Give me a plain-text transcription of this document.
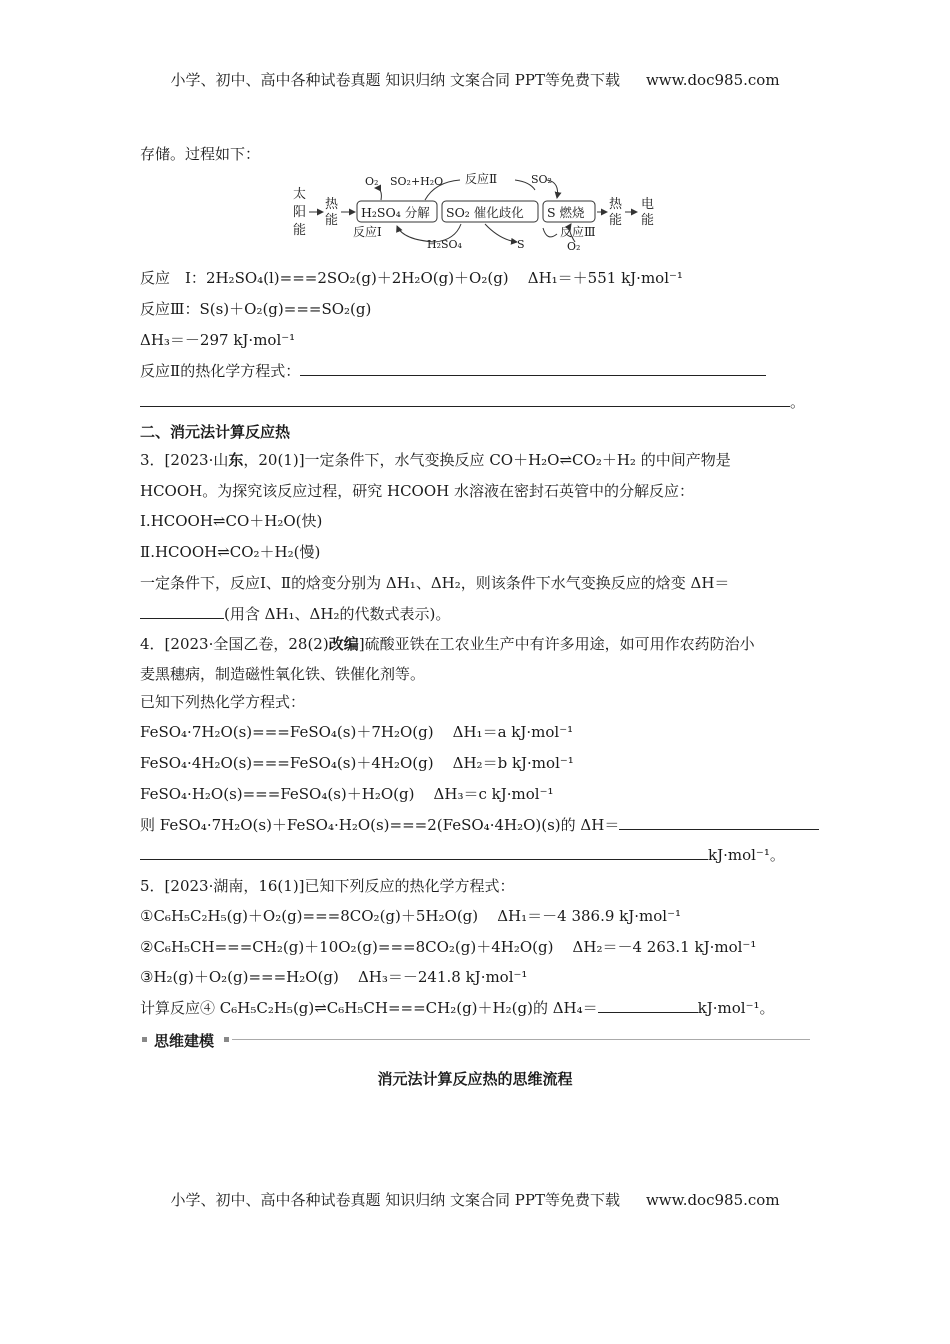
小学、初中、高中各种试卷真题 知识归纳 文案合同 PPT等免费下载 www.doc985.com
存储。过程如下：
太
阳
能
热
能
H₂SO₄ 分解 SO₂ 催化歧化 S 燃烧
热
能
电
能
O₂ SO₂+H₂O 反应Ⅱ	SO₂
反应Ⅰ
H₂SO₄	S
反应Ⅲ
O₂
反应　Ⅰ：2H₂SO₄(l)===2SO₂(g)＋2H₂O(g)＋O₂(g) ΔH₁＝＋551 kJ·mol⁻¹
反应Ⅲ：S(s)＋O₂(g)===SO₂(g)
ΔH₃＝－297 kJ·mol⁻¹
反应Ⅱ的热化学方程式：
。
二、消元法计算反应热
3．[2023·山东，20(1)]一定条件下，水气变换反应 CO＋H₂O⇌CO₂＋H₂ 的中间产物是
HCOOH。为探究该反应过程，研究 HCOOH 水溶液在密封石英管中的分解反应：
Ⅰ.HCOOH⇌CO＋H₂O(快)
Ⅱ.HCOOH⇌CO₂＋H₂(慢)
一定条件下，反应Ⅰ、Ⅱ的焓变分别为 ΔH₁、ΔH₂，则该条件下水气变换反应的焓变 ΔH＝
(用含 ΔH₁、ΔH₂的代数式表示)。
4．[2023·全国乙卷，28(2)改编]硫酸亚铁在工农业生产中有许多用途，如可用作农药防治小
麦黑穗病，制造磁性氧化铁、铁催化剂等。
已知下列热化学方程式：
FeSO₄·7H₂O(s)===FeSO₄(s)＋7H₂O(g) ΔH₁＝a kJ·mol⁻¹
FeSO₄·4H₂O(s)===FeSO₄(s)＋4H₂O(g) ΔH₂＝b kJ·mol⁻¹
FeSO₄·H₂O(s)===FeSO₄(s)＋H₂O(g) ΔH₃＝c kJ·mol⁻¹
则 FeSO₄·7H₂O(s)＋FeSO₄·H₂O(s)===2(FeSO₄·4H₂O)(s)的 ΔH＝
kJ·mol⁻¹。
5．[2023·湖南，16(1)]已知下列反应的热化学方程式：
①C₆H₅C₂H₅(g)＋O₂(g)===8CO₂(g)＋5H₂O(g) ΔH₁＝－4 386.9 kJ·mol⁻¹
②C₆H₅CH===CH₂(g)＋10O₂(g)===8CO₂(g)＋4H₂O(g) ΔH₂＝－4 263.1 kJ·mol⁻¹
③H₂(g)＋O₂(g)===H₂O(g) ΔH₃＝－241.8 kJ·mol⁻¹
计算反应④ C₆H₅C₂H₅(g)⇌C₆H₅CH===CH₂(g)＋H₂(g)的 ΔH₄＝	kJ·mol⁻¹。
思维建模
消元法计算反应热的思维流程
小学、初中、高中各种试卷真题 知识归纳 文案合同 PPT等免费下载 www.doc985.com
